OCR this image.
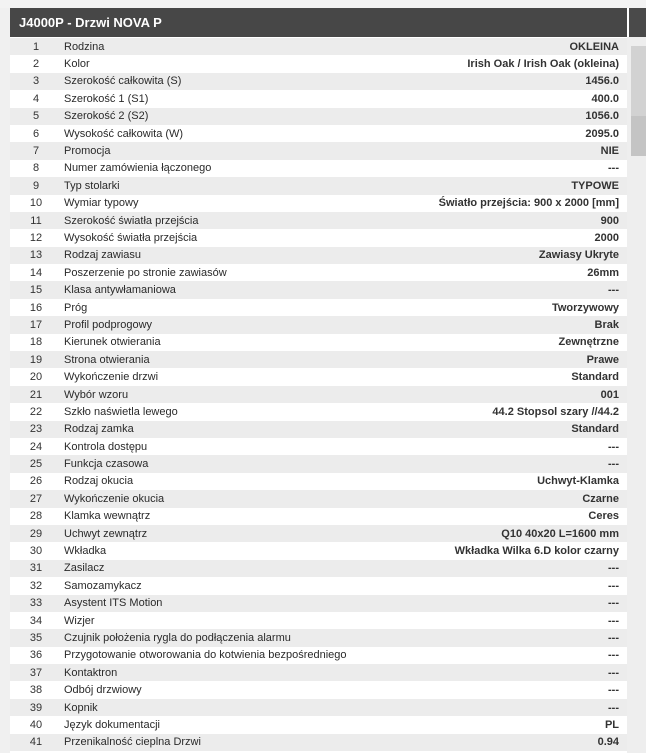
J4000P - Drzwi NOVA P
1	Rodzina	OKLEINA
2	Kolor	Irish Oak / Irish Oak (okleina)
3	Szerokość całkowita (S)	1456.0
4	Szerokość 1 (S1)	400.0
5	Szerokość 2 (S2)	1056.0
6	Wysokość całkowita (W)	2095.0
7	Promocja	NIE
8	Numer zamówienia łączonego	---
9	Typ stolarki	TYPOWE
10	Wymiar typowy	Światło przejścia: 900 x 2000 [mm]
11	Szerokość światła przejścia	900
12	Wysokość światła przejścia	2000
13	Rodzaj zawiasu	Zawiasy Ukryte
14	Poszerzenie po stronie zawiasów	26mm
15	Klasa antywłamaniowa	---
16	Próg	Tworzywowy
17	Profil podprogowy	Brak
18	Kierunek otwierania	Zewnętrzne
19	Strona otwierania	Prawe
20	Wykończenie drzwi	Standard
21	Wybór wzoru	001
22	Szkło naświetla lewego	44.2 Stopsol szary //44.2
23	Rodzaj zamka	Standard
24	Kontrola dostępu	---
25	Funkcja czasowa	---
26	Rodzaj okucia	Uchwyt-Klamka
27	Wykończenie okucia	Czarne
28	Klamka wewnątrz	Ceres
29	Uchwyt zewnątrz	Q10 40x20 L=1600 mm
30	Wkładka	Wkładka Wilka 6.D kolor czarny
31	Zasilacz	---
32	Samozamykacz	---
33	Asystent ITS Motion	---
34	Wizjer	---
35	Czujnik położenia rygla do podłączenia alarmu	---
36	Przygotowanie otworowania do kotwienia bezpośredniego	---
37	Kontaktron	---
38	Odbój drzwiowy	---
39	Kopnik	---
40	Język dokumentacji	PL
41	Przenikalność cieplna Drzwi	0.94
